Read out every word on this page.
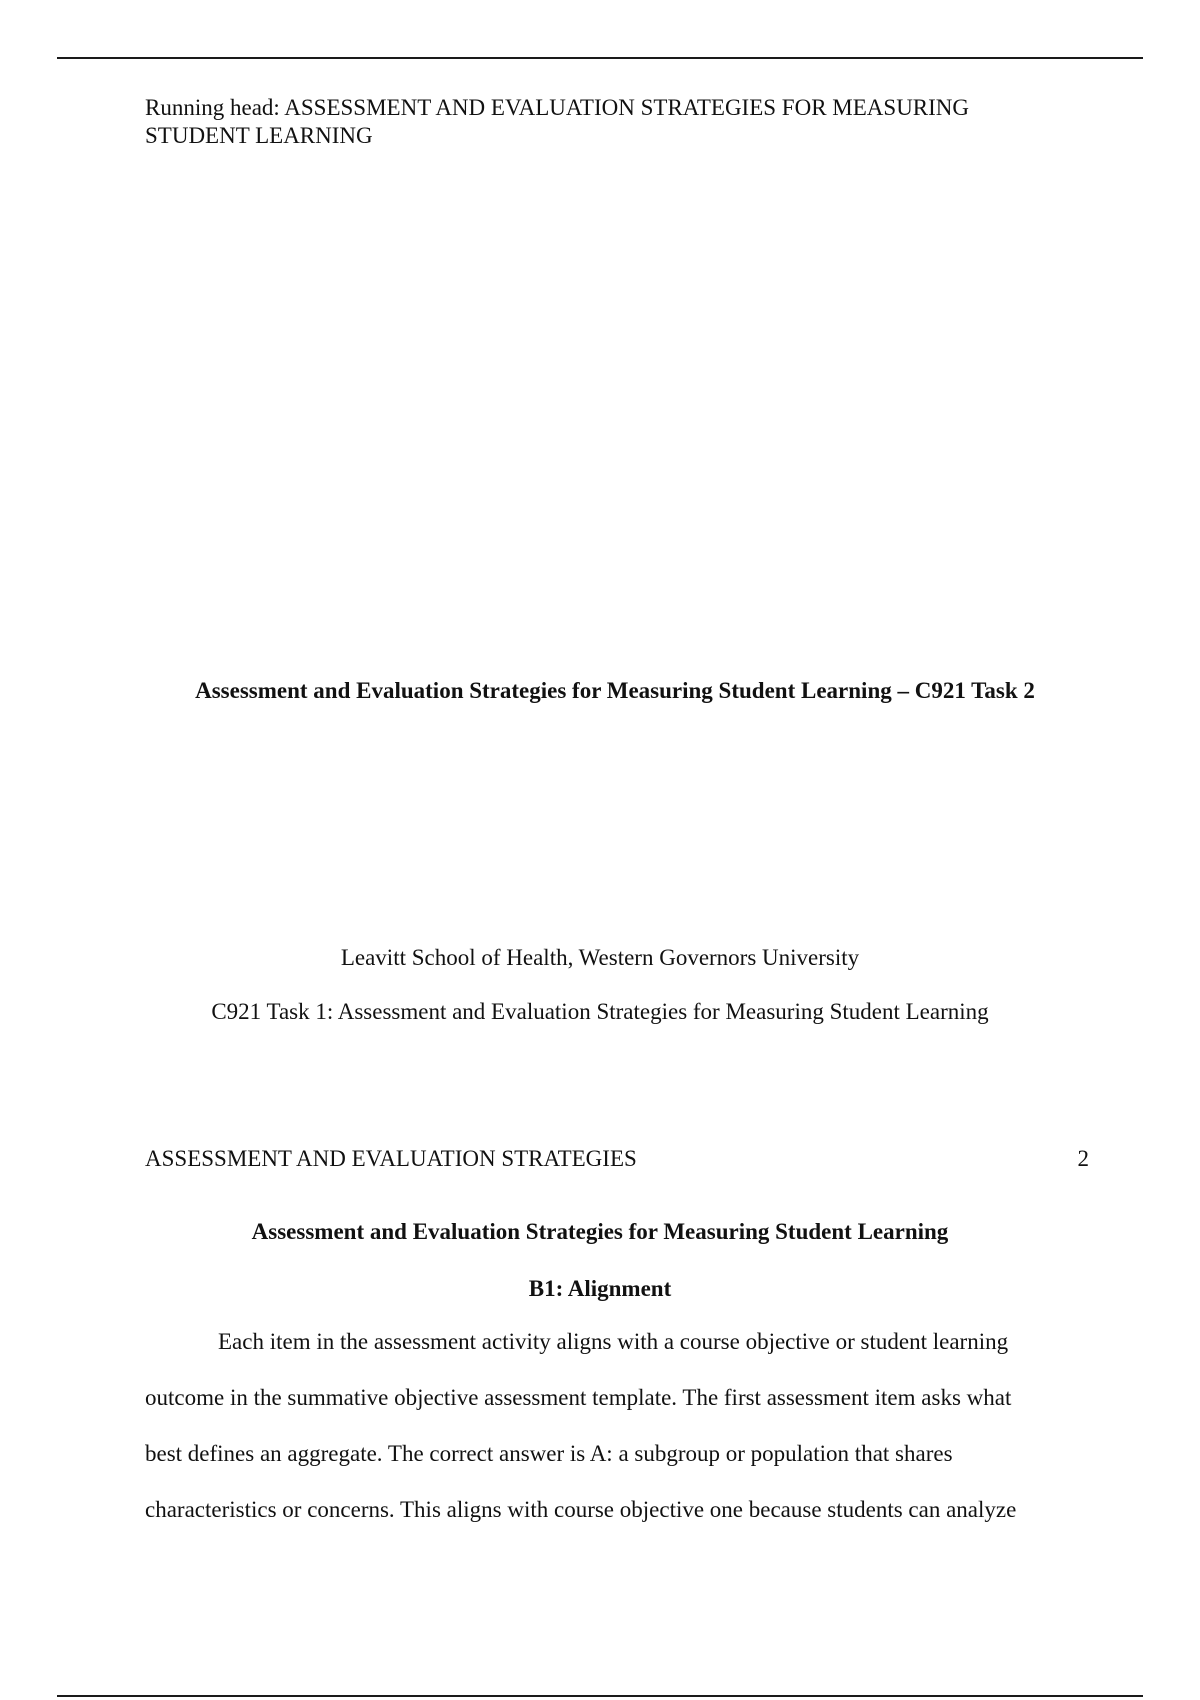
Running head: ASSESSMENT AND EVALUATION STRATEGIES FOR MEASURING STUDENT LEARNING
Assessment and Evaluation Strategies for Measuring Student Learning – C921 Task 2
Leavitt School of Health, Western Governors University
C921 Task 1: Assessment and Evaluation Strategies for Measuring Student Learning
ASSESSMENT AND EVALUATION STRATEGIES	2
Assessment and Evaluation Strategies for Measuring Student Learning
B1: Alignment
Each item in the assessment activity aligns with a course objective or student learning
outcome in the summative objective assessment template. The first assessment item asks what
best defines an aggregate. The correct answer is A: a subgroup or population that shares
characteristics or concerns. This aligns with course objective one because students can analyze
